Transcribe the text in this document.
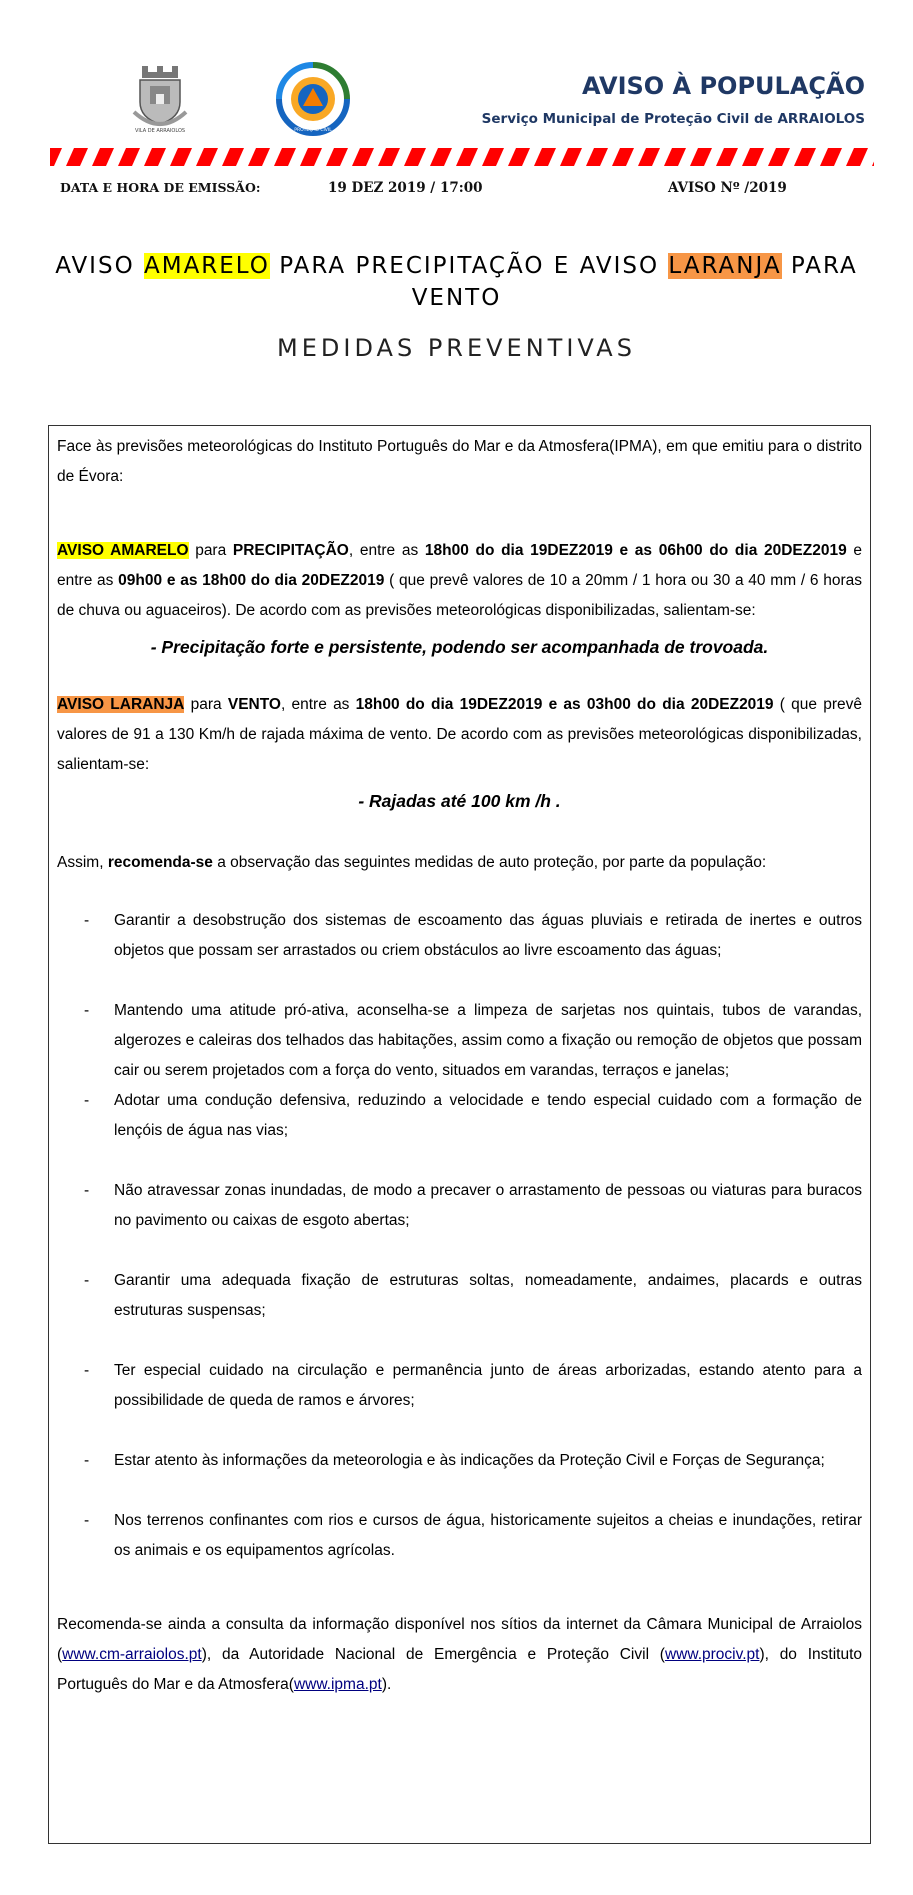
VILA DE ARRAIOLOS	PROTEÇÃO CIVIL
AVISO À POPULAÇÃO
Serviço Municipal de Proteção Civil de ARRAIOLOS
DATA E HORA DE EMISSÃO:	19 DEZ 2019 / 17:00	AVISO Nº /2019
AVISO AMARELO PARA PRECIPITAÇÃO E AVISO LARANJA PARA VENTO
MEDIDAS PREVENTIVAS

Face às previsões meteorológicas do Instituto Português do Mar e da Atmosfera(IPMA), em que emitiu para o distrito de Évora:

AVISO AMARELO para PRECIPITAÇÃO, entre as 18h00 do dia 19DEZ2019 e as 06h00 do dia 20DEZ2019 e entre as 09h00 e as 18h00 do dia 20DEZ2019 ( que prevê valores de 10 a 20mm / 1 hora ou 30 a 40 mm / 6 horas de chuva ou aguaceiros). De acordo com as previsões meteorológicas disponibilizadas, salientam-se:

- Precipitação forte e persistente, podendo ser acompanhada de trovoada.

AVISO LARANJA para VENTO, entre as 18h00 do dia 19DEZ2019 e as 03h00 do dia 20DEZ2019 ( que prevê valores de 91 a 130 Km/h de rajada máxima de vento. De acordo com as previsões meteorológicas disponibilizadas, salientam-se:

- Rajadas até 100 km /h .

Assim, recomenda-se a observação das seguintes medidas de auto proteção, por parte da população:

- Garantir a desobstrução dos sistemas de escoamento das águas pluviais e retirada de inertes e outros objetos que possam ser arrastados ou criem obstáculos ao livre escoamento das águas;
- Mantendo uma atitude pró-ativa, aconselha-se a limpeza de sarjetas nos quintais, tubos de varandas, algerozes e caleiras dos telhados das habitações, assim como a fixação ou remoção de objetos que possam cair ou serem projetados com a força do vento, situados em varandas, terraços e janelas;
- Adotar uma condução defensiva, reduzindo a velocidade e tendo especial cuidado com a formação de lençóis de água nas vias;
- Não atravessar zonas inundadas, de modo a precaver o arrastamento de pessoas ou viaturas para buracos no pavimento ou caixas de esgoto abertas;
- Garantir uma adequada fixação de estruturas soltas, nomeadamente, andaimes, placards e outras estruturas suspensas;
- Ter especial cuidado na circulação e permanência junto de áreas arborizadas, estando atento para a possibilidade de queda de ramos e árvores;
- Estar atento às informações da meteorologia e às indicações da Proteção Civil e Forças de Segurança;
- Nos terrenos confinantes com rios e cursos de água, historicamente sujeitos a cheias e inundações, retirar os animais e os equipamentos agrícolas.

Recomenda-se ainda a consulta da informação disponível nos sítios da internet da Câmara Municipal de Arraiolos (www.cm-arraiolos.pt), da Autoridade Nacional de Emergência e Proteção Civil (www.prociv.pt), do Instituto Português do Mar e da Atmosfera(www.ipma.pt).
